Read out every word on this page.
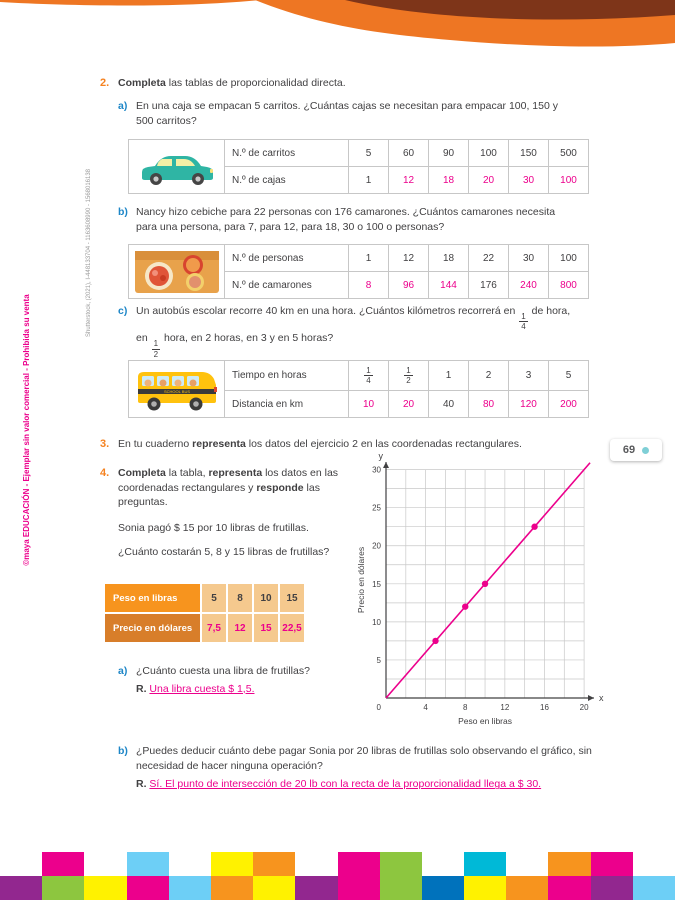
Shutterstock, (2021), I-448133704 - 1163608990 - 1568016138
©maya EDUCACIÓN - Ejemplar sin valor comercial - Prohibida su venta
2. Completa las tablas de proporcionalidad directa.
a) En una caja se empacan 5 carritos. ¿Cuántas cajas se necesitan para empacar 100, 150 y 500 carritos?
N.º de carritos	5	60	90	100	150	500
N.º de cajas	1	12	18	20	30	100
b) Nancy hizo cebiche para 22 personas con 176 camarones. ¿Cuántos camarones necesita para una persona, para 7, para 12, para 18, 30 o 100 o personas?
N.º de personas	1	12	18	22	30	100
N.º de camarones	8	96	144	176	240	800
c) Un autobús escolar recorre 40 km en una hora. ¿Cuántos kilómetros recorrerá en
$\frac{1}{4}$
de hora, en
$\frac{1}{2}$
hora, en 2 horas, en 3 y en 5 horas?
SCHOOL BUS
Tiempo en horas	$\frac{1}{4}$	$\frac{1}{2}$	1	2	3	5
Distancia en km	10	20	40	80	120	200
3. En tu cuaderno representa los datos del ejercicio 2 en las coordenadas rectangulares.	69
4. Completa la tabla, representa los datos en las coordenadas rectangulares y responde las preguntas.
Sonia pagó $ 15 por 10 libras de frutillas.
¿Cuánto costarán 5, 8 y 15 libras de frutillas?
Peso en libras	5	8	10	15
Precio en dólares	7,5	12	15	22,5
a) ¿Cuánto cuesta una libra de frutillas?
R. Una libra cuesta $ 1,5.
4	8	12	16	20
5
10
15
20
25
30
0
y
x
Peso en libras
Precio en dólares
b) ¿Puedes deducir cuánto debe pagar Sonia por 20 libras de frutillas solo observando el gráfico, sin necesidad de hacer ninguna operación?
R. Sí. El punto de intersección de 20 lb con la recta de la proporcionalidad llega a $ 30.
